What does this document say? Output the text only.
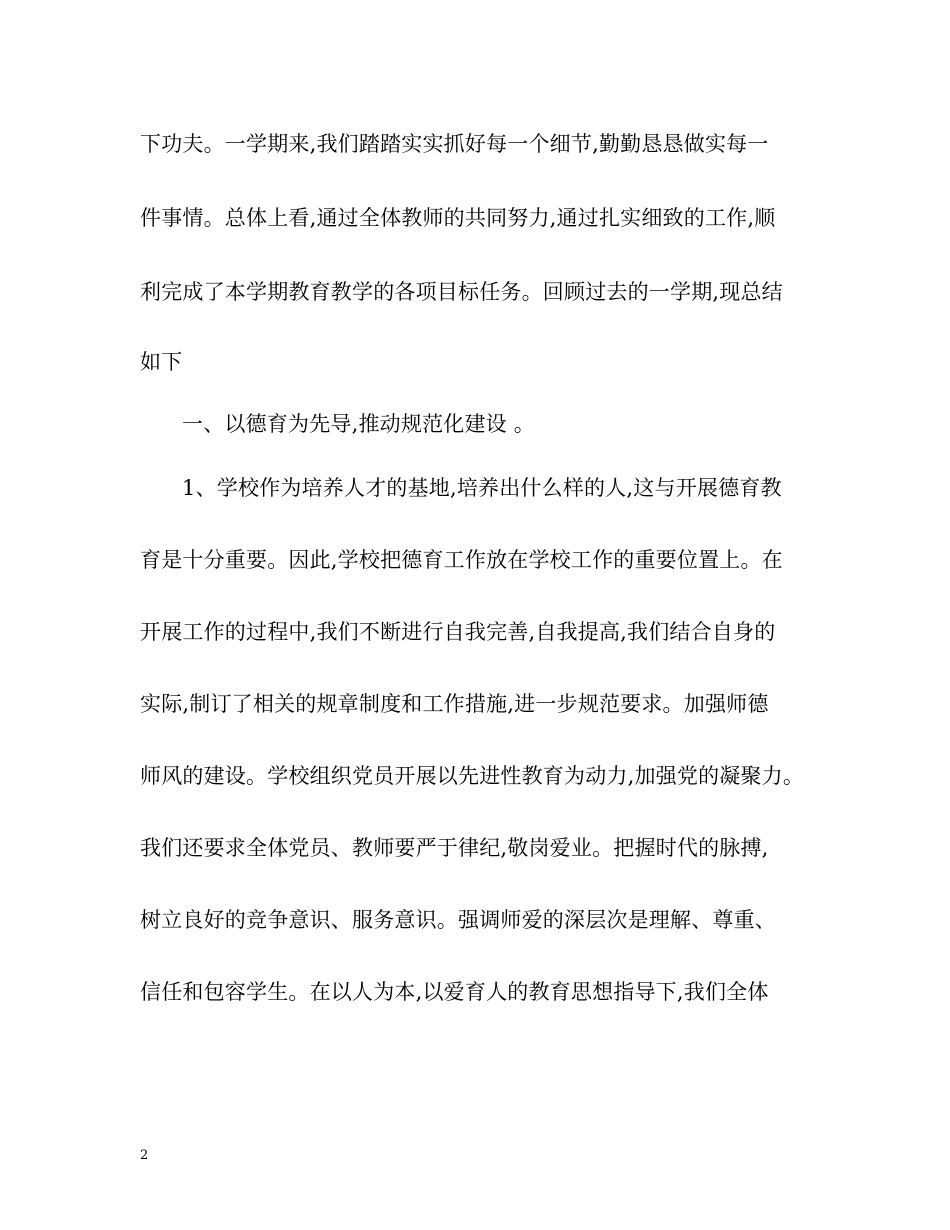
下功夫。一学期来,我们踏踏实实抓好每一个细节,勤勤恳恳做实每一
件事情。总体上看,通过全体教师的共同努力,通过扎实细致的工作,顺
利完成了本学期教育教学的各项目标任务。回顾过去的一学期,现总结
如下
一、以德育为先导,推动规范化建设 。
1、学校作为培养人才的基地,培养出什么样的人,这与开展德育教
育是十分重要。因此,学校把德育工作放在学校工作的重要位置上。在
开展工作的过程中,我们不断进行自我完善,自我提高,我们结合自身的
实际,制订了相关的规章制度和工作措施,进一步规范要求。加强师德
师风的建设。学校组织党员开展以先进性教育为动力,加强党的凝聚力。
我们还要求全体党员、教师要严于律纪,敬岗爱业。把握时代的脉搏,
树立良好的竞争意识、服务意识。强调师爱的深层次是理解、尊重、
信任和包容学生。在以人为本,以爱育人的教育思想指导下,我们全体
2
